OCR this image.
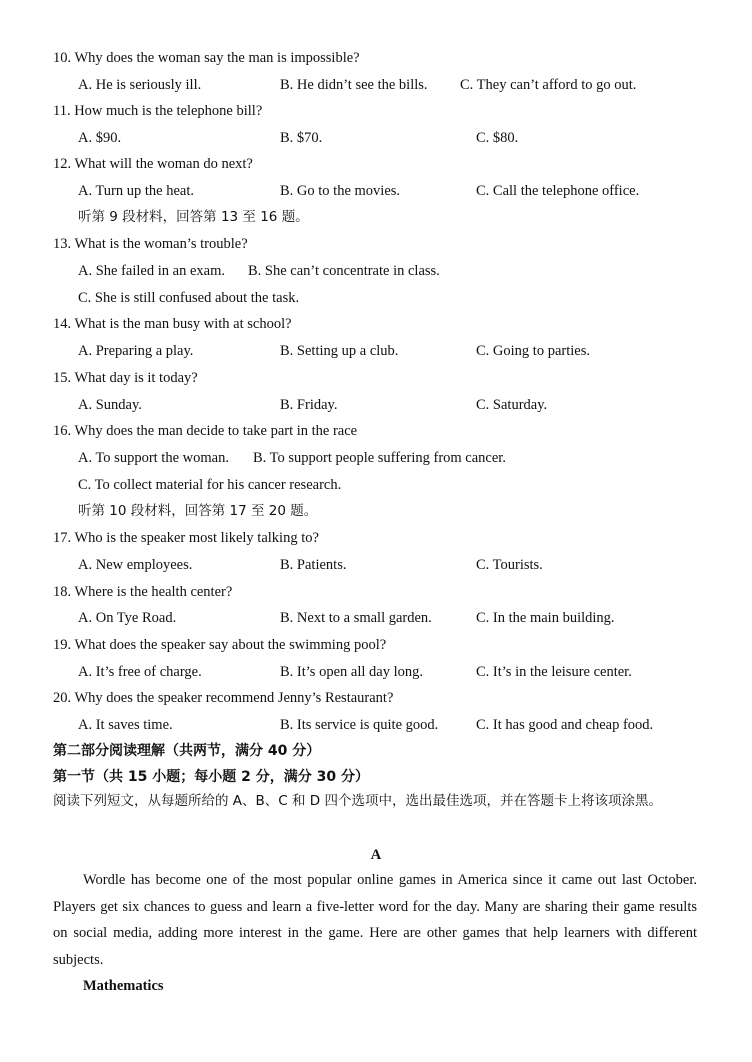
10. Why does the woman say the man is impossible?
A. He is seriously ill.	B. He didn’t see the bills. C. They can’t afford to go out.
11. How much is the telephone bill?
A. $90.	B. $70.	C. $80.
12. What will the woman do next?
A. Turn up the heat.	B. Go to the movies.	C. Call the telephone office.
听第 9 段材料，回答第 13 至 16 题。
13. What is the woman’s trouble?
A. She failed in an exam. B. She can’t concentrate in class.
C. She is still confused about the task.
14. What is the man busy with at school?
A. Preparing a play.	B. Setting up a club.	C. Going to parties.
15. What day is it today?
A. Sunday.	B. Friday.	C. Saturday.
16. Why does the man decide to take part in the race
A. To support the woman. B. To support people suffering from cancer.
C. To collect material for his cancer research.
听第 10 段材料，回答第 17 至 20 题。
17. Who is the speaker most likely talking to?
A. New employees.	B. Patients.	C. Tourists.
18. Where is the health center?
A. On Tye Road.	B. Next to a small garden.	C. In the main building.
19. What does the speaker say about the swimming pool?
A. It’s free of charge.	B. It’s open all day long.	C. It’s in the leisure center.
20. Why does the speaker recommend Jenny’s Restaurant?
A. It saves time.	B. Its service is quite good.	C. It has good and cheap food.
第二部分阅读理解（共两节，满分 40 分）
第一节（共 15 小题；每小题 2 分，满分 30 分）
阅读下列短文，从每题所给的 A、B、C 和 D 四个选项中，选出最佳选项，并在答题卡上将该项涂黑。
A
Wordle has become one of the most popular online games in America since it came out last October. Players get six chances to guess and learn a five-letter word for the day. Many are sharing their game results on social media, adding more interest in the game. Here are other games that help learners with different subjects.
Mathematics
